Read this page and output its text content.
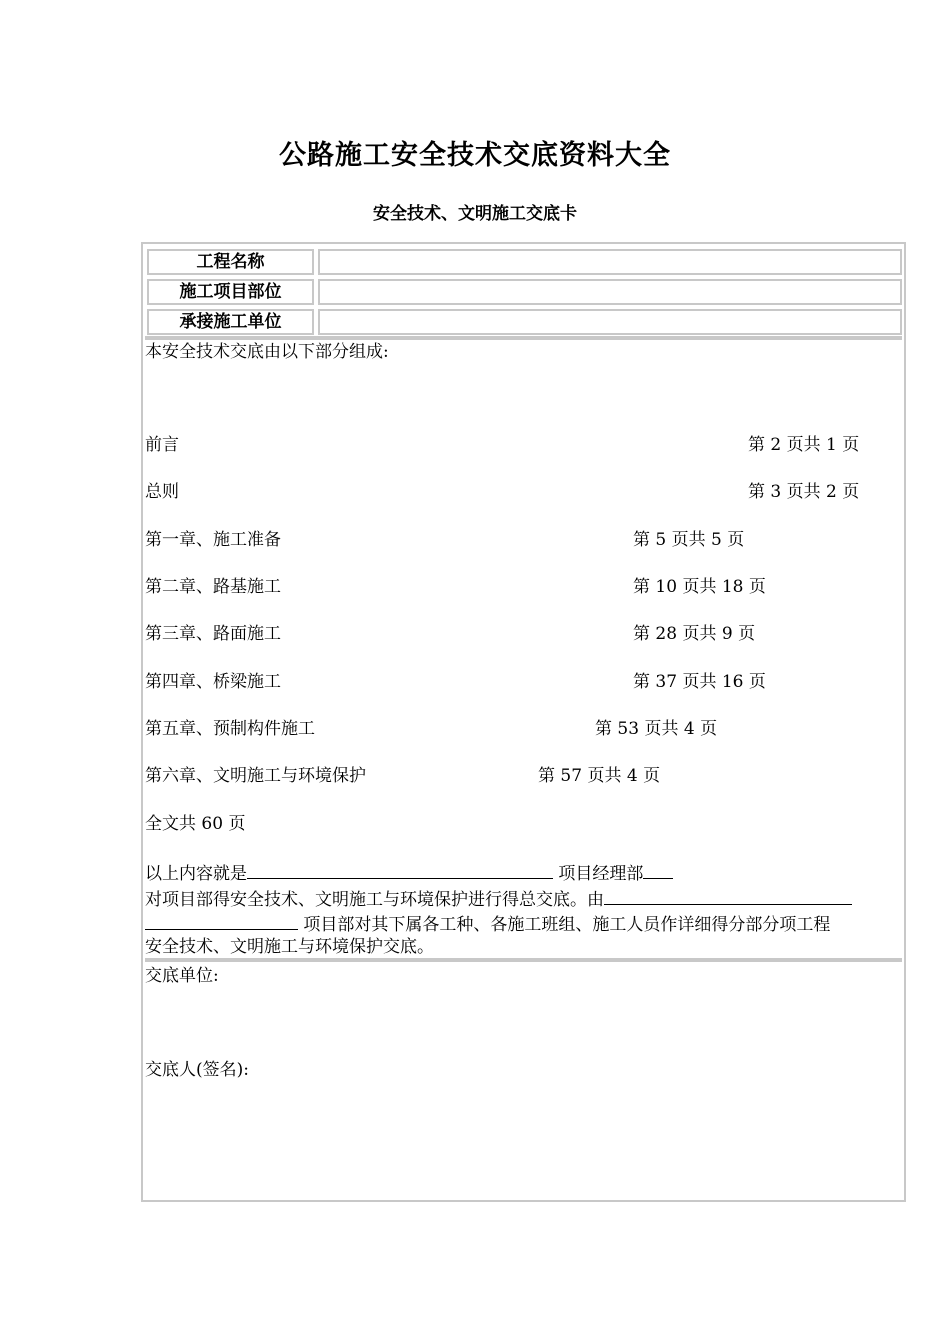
公路施工安全技术交底资料大全
安全技术、文明施工交底卡
工程名称
施工项目部位
承接施工单位
本安全技术交底由以下部分组成:
前言	第 2 页共 1 页
总则	第 3 页共 2 页
第一章、施工准备	第 5 页共 5 页
第二章、路基施工	第 10 页共 18 页
第三章、路面施工	第 28 页共 9 页
第四章、桥梁施工	第 37 页共 16 页
第五章、预制构件施工	第 53 页共 4 页
第六章、文明施工与环境保护	第 57 页共 4 页
全文共 60 页
以上内容就是	项目经理部
对项目部得安全技术、文明施工与环境保护进行得总交底。由
项目部对其下属各工种、各施工班组、施工人员作详细得分部分项工程
安全技术、文明施工与环境保护交底。
交底单位:
交底人(签名):
